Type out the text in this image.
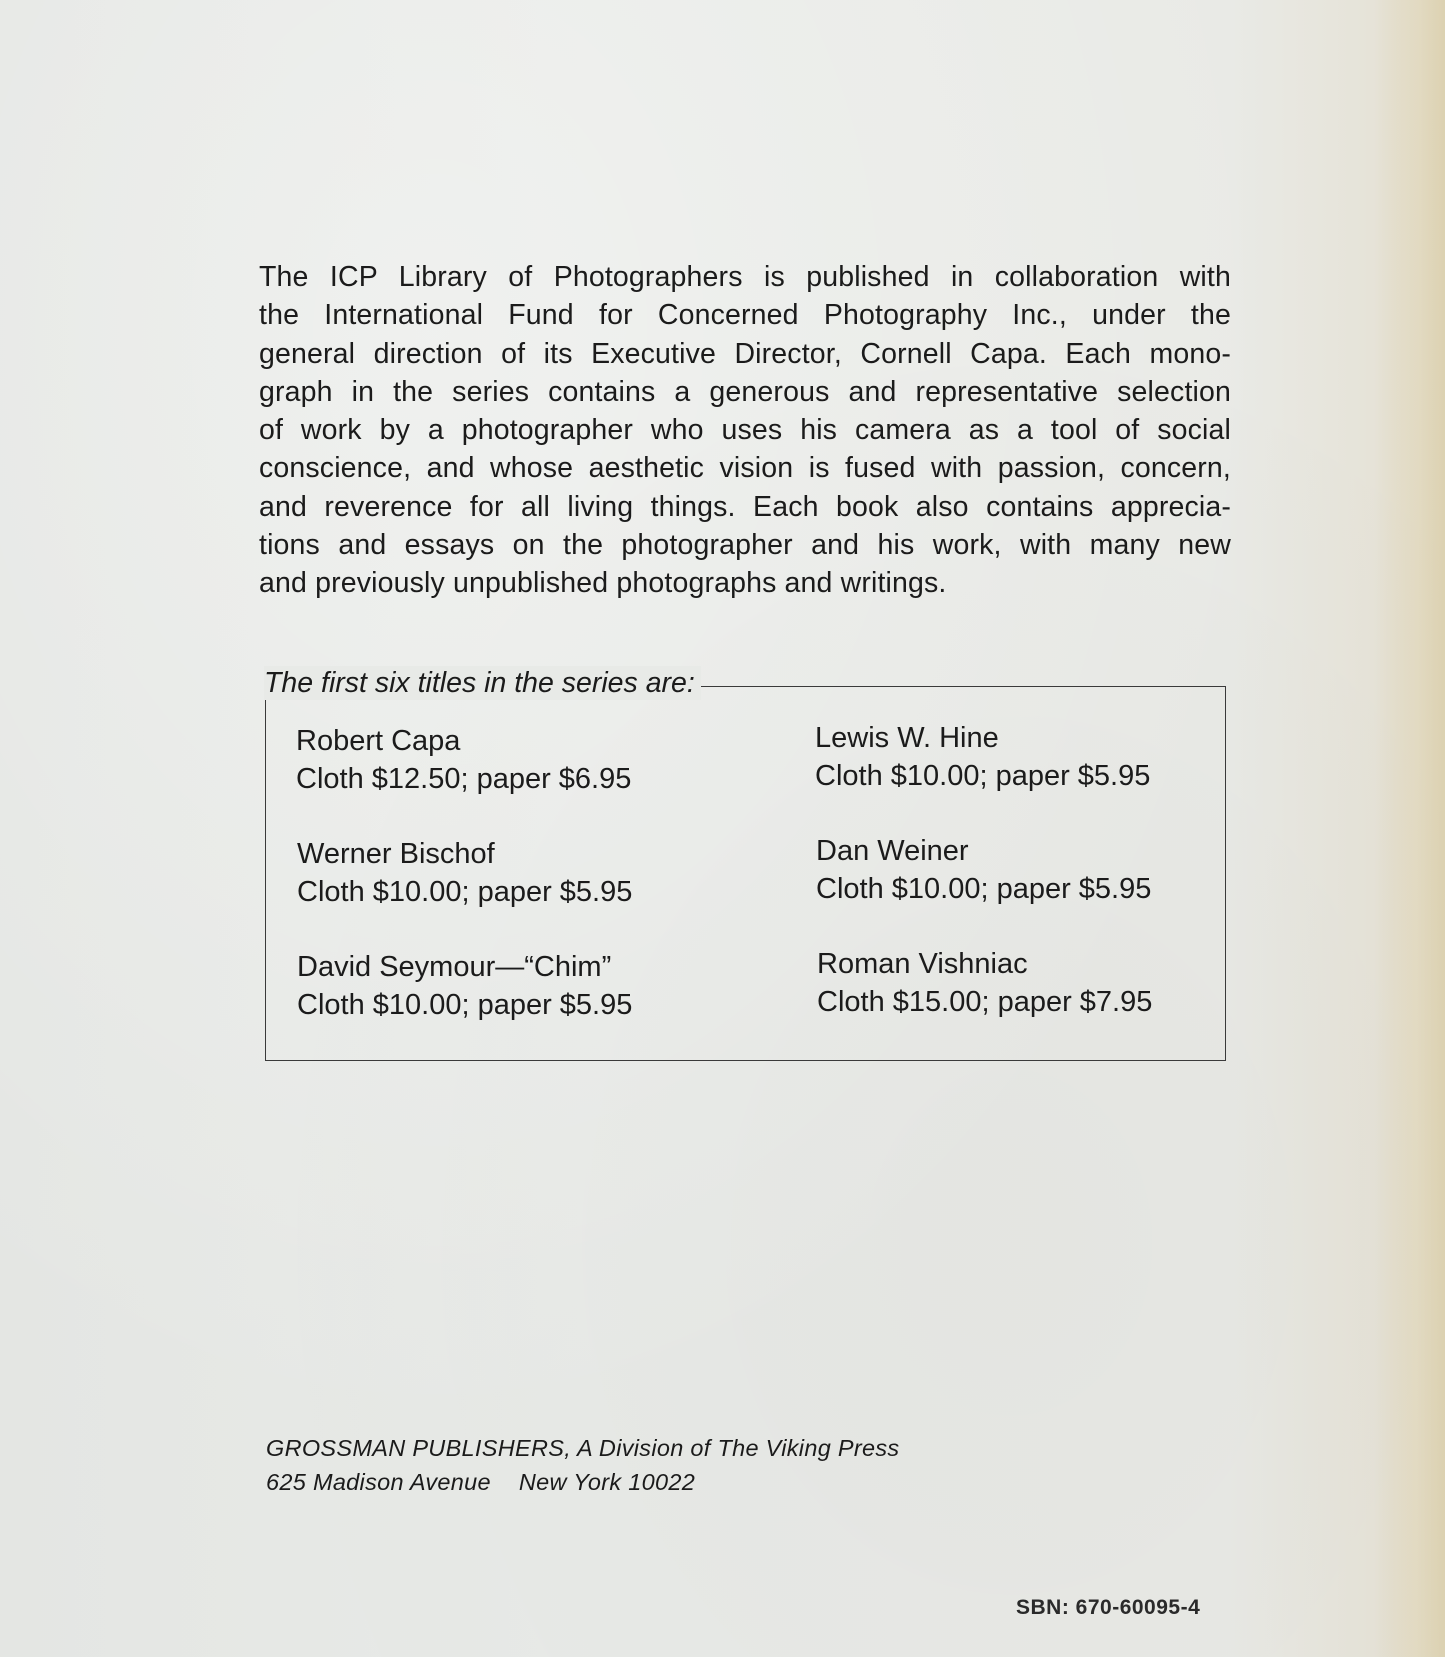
The ICP Library of Photographers is published in collaboration with
the International Fund for Concerned Photography Inc., under the
general direction of its Executive Director, Cornell Capa. Each mono-
graph in the series contains a generous and representative selection
of work by a photographer who uses his camera as a tool of social
conscience, and whose aesthetic vision is fused with passion, concern,
and reverence for all living things. Each book also contains apprecia-
tions and essays on the photographer and his work, with many new
and previously unpublished photographs and writings.

The first six titles in the series are:
Robert Capa
Cloth $12.50; paper $6.95
Lewis W. Hine
Cloth $10.00; paper $5.95
Werner Bischof
Cloth $10.00; paper $5.95
Dan Weiner
Cloth $10.00; paper $5.95
David Seymour—“Chim”
Cloth $10.00; paper $5.95
Roman Vishniac
Cloth $15.00; paper $7.95
GROSSMAN PUBLISHERS, A Division of The Viking Press
625 Madison Avenue New York 10022
SBN: 670-60095-4
